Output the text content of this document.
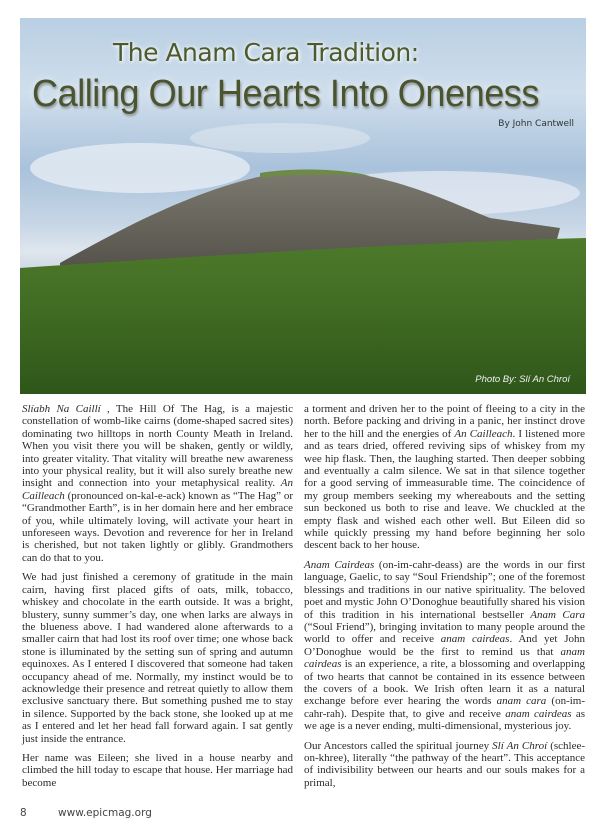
The Anam Cara Tradition:
Calling Our Hearts Into Oneness
By John Cantwell
Photo By: Slí An Chroí

Slíabh Na Caillí , The Hill Of The Hag, is a majestic constellation of womb-like cairns (dome-shaped sacred sites) dominating two hilltops in north County Meath in Ireland. When you visit there you will be shaken, gently or wildly, into greater vitality. That vitality will breathe new awareness into your physical reality, but it will also surely breathe new insight and connection into your metaphysical reality. An Cailleach (pronounced on-kal-e-ack) known as “The Hag” or “Grandmother Earth”, is in her domain here and her embrace of you, while ultimately loving, will activate your heart in unforeseen ways. Devotion and reverence for her in Ireland is cherished, but not taken lightly or glibly. Grandmothers can do that to you.

We had just finished a ceremony of gratitude in the main cairn, having first placed gifts of oats, milk, tobacco, whiskey and chocolate in the earth outside. It was a bright, blustery, sunny summer’s day, one when larks are always in the blueness above. I had wandered alone afterwards to a smaller cairn that had lost its roof over time; one whose back stone is illuminated by the setting sun of spring and autumn equinoxes. As I entered I discovered that someone had taken occupancy ahead of me. Normally, my instinct would be to acknowledge their presence and retreat quietly to allow them exclusive sanctuary there. But something pushed me to stay in silence. Supported by the back stone, she looked up at me as I entered and let her head fall forward again. I sat gently just inside the entrance.

Her name was Eileen; she lived in a house nearby and climbed the hill today to escape that house. Her marriage had become

a torment and driven her to the point of fleeing to a city in the north. Before packing and driving in a panic, her instinct drove her to the hill and the energies of An Cailleach. I listened more and as tears dried, offered reviving sips of whiskey from my wee hip flask. Then, the laughing started. Then deeper sobbing and eventually a calm silence. We sat in that silence together for a good serving of immeasurable time. The coincidence of my group members seeking my whereabouts and the setting sun beckoned us both to rise and leave. We chuckled at the empty flask and wished each other well. But Eileen did so while quickly pressing my hand before beginning her solo descent back to her house.

Anam Cairdeas (on-im-cahr-deass) are the words in our first language, Gaelic, to say “Soul Friendship”; one of the foremost blessings and traditions in our native spirituality. The beloved poet and mystic John O’Donoghue beautifully shared his vision of this tradition in his international bestseller Anam Cara (“Soul Friend”), bringing invitation to many people around the world to offer and receive anam cairdeas. And yet John O’Donoghue would be the first to remind us that anam cairdeas is an experience, a rite, a blossoming and overlapping of two hearts that cannot be contained in its essence between the covers of a book. We Irish often learn it as a natural exchange before ever hearing the words anam cara (on-im-cahr-rah). Despite that, to give and receive anam cairdeas as we age is a never ending, multi-dimensional, mysterious joy.

Our Ancestors called the spiritual journey Slí An Chroí (schlee-on-khree), literally “the pathway of the heart”. This acceptance of indivisibility between our hearts and our souls makes for a primal,

8	www.epicmag.org
